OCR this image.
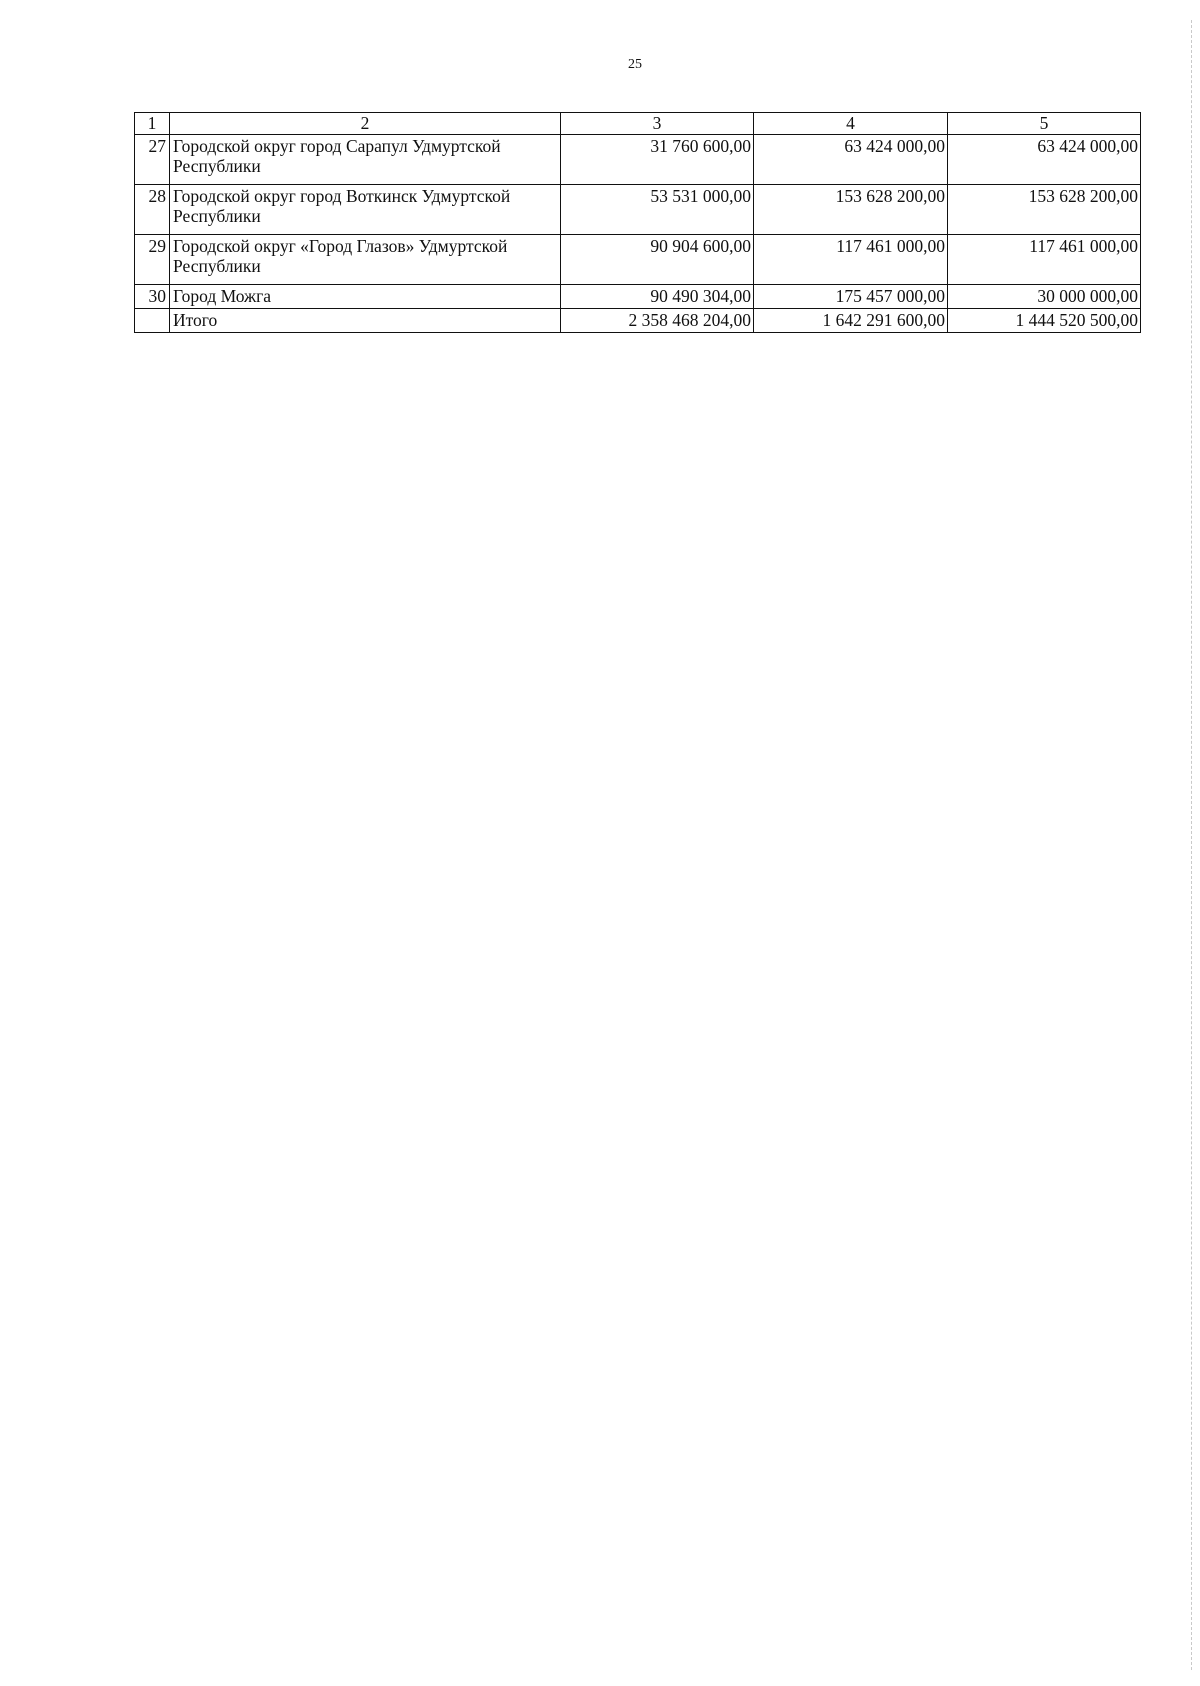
25
1	2	3	4	5
27	Городской округ город Сарапул Удмуртской Республики	31 760 600,00	63 424 000,00	63 424 000,00
28	Городской округ город Воткинск Удмуртской Республики	53 531 000,00	153 628 200,00	153 628 200,00
29	Городской округ «Город Глазов» Удмуртской Республики	90 904 600,00	117 461 000,00	117 461 000,00
30	Город Можга	90 490 304,00	175 457 000,00	30 000 000,00
	Итого	2 358 468 204,00	1 642 291 600,00	1 444 520 500,00
